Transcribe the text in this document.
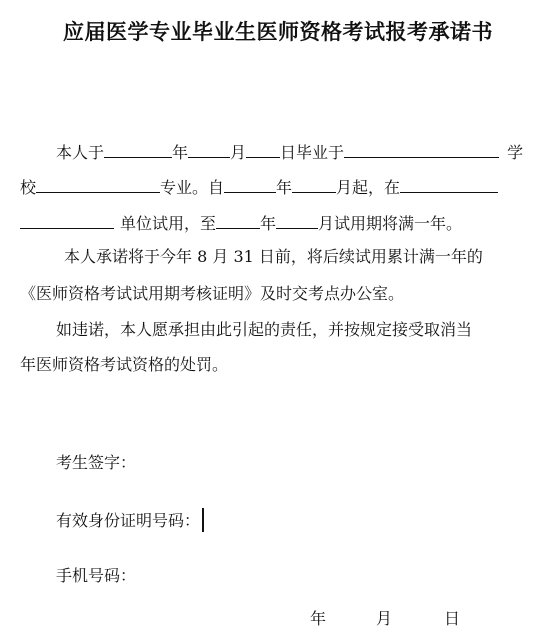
应届医学专业毕业生医师资格考试报考承诺书
本人于	年	月 日毕业于	学
校	专业。自	年	月起，在
单位试用，至	年	月试用期将满一年。
本人承诺将于今年 8 月 31 日前，将后续试用累计满一年的
《医师资格考试试用期考核证明》及时交考点办公室。
如违诺，本人愿承担由此引起的责任，并按规定接受取消当
年医师资格考试资格的处罚。
考生签字：
有效身份证明号码：
手机号码：
年	月	日
